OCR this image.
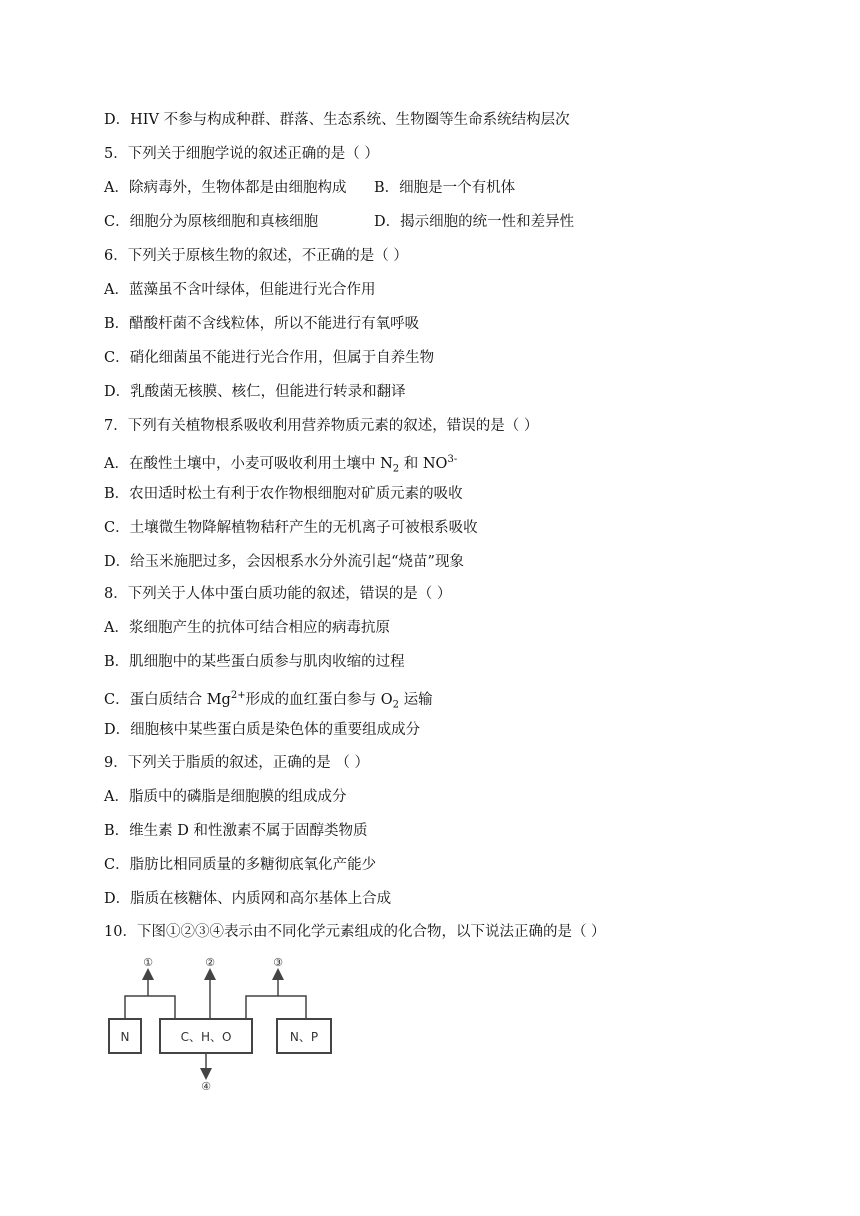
D．HIV 不参与构成种群、群落、生态系统、生物圈等生命系统结构层次
5．下列关于细胞学说的叙述正确的是（ ）
A．除病毒外，生物体都是由细胞构成 B．细胞是一个有机体
C．细胞分为原核细胞和真核细胞	D．揭示细胞的统一性和差异性
6．下列关于原核生物的叙述，不正确的是（ ）
A．蓝藻虽不含叶绿体，但能进行光合作用
B．醋酸杆菌不含线粒体，所以不能进行有氧呼吸
C．硝化细菌虽不能进行光合作用，但属于自养生物
D．乳酸菌无核膜、核仁，但能进行转录和翻译
7．下列有关植物根系吸收利用营养物质元素的叙述，错误的是（ ）
A．在酸性土壤中，小麦可吸收利用土壤中 $N_2$ 和 $NO^{3-}$
B．农田适时松土有利于农作物根细胞对矿质元素的吸收
C．土壤微生物降解植物秸秆产生的无机离子可被根系吸收
D．给玉米施肥过多，会因根系水分外流引起“烧苗”现象
8．下列关于人体中蛋白质功能的叙述，错误的是（ ）
A．浆细胞产生的抗体可结合相应的病毒抗原
B．肌细胞中的某些蛋白质参与肌肉收缩的过程
C．蛋白质结合 $Mg^{2+}$形成的血红蛋白参与 $O_2$ 运输
D．细胞核中某些蛋白质是染色体的重要组成成分
9．下列关于脂质的叙述，正确的是 （ ）
A．脂质中的磷脂是细胞膜的组成成分
B．维生素 D 和性激素不属于固醇类物质
C．脂肪比相同质量的多糖彻底氧化产能少
D．脂质在核糖体、内质网和高尔基体上合成
10．下图①②③④表示由不同化学元素组成的化合物，以下说法正确的是（ ）
N	C、H、O	N、P
①	②	③
④
